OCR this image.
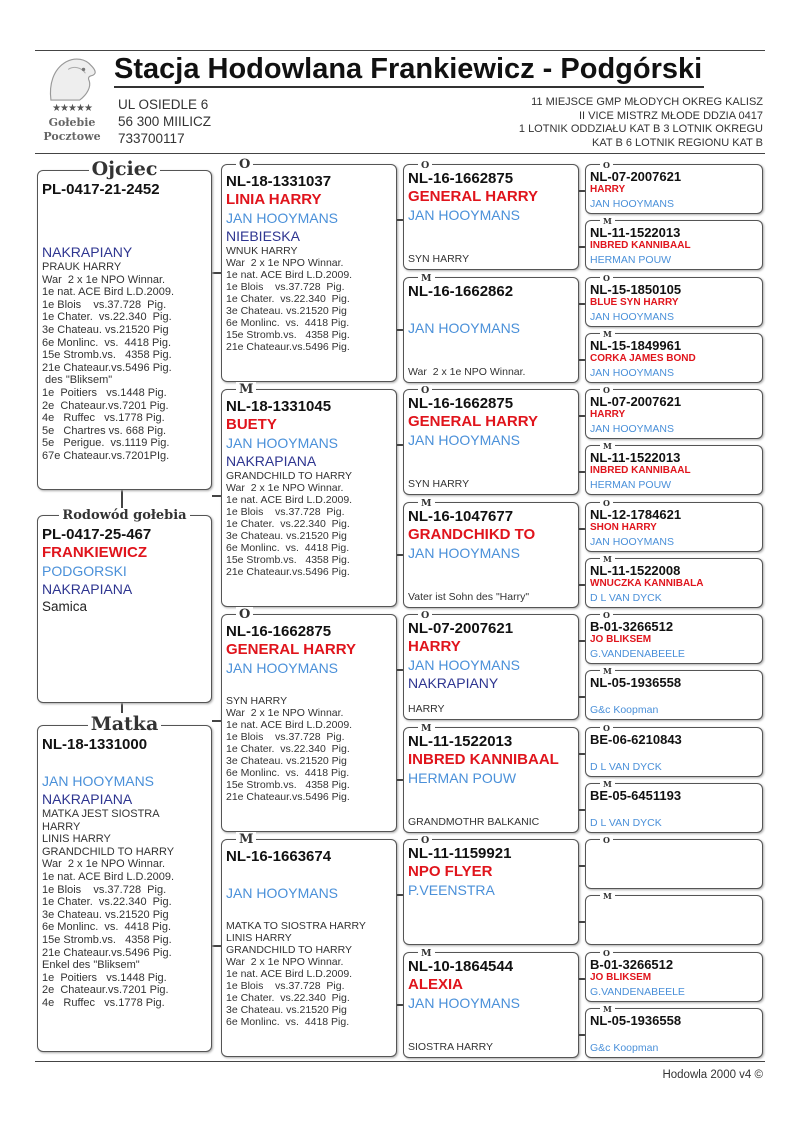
★★★★★
Gołebie
Pocztowe
Stacja Hodowlana Frankiewicz - Podgórski
UL OSIEDLE 6
56 300 MIILICZ
733700117
11 MIEJSCE GMP MŁODYCH OKREG KALISZ
II VICE MISTRZ MŁODE DDZIA 0417
1 LOTNIK ODDZIAŁU KAT B 3 LOTNIK OKREGU
KAT B 6 LOTNIK REGIONU KAT B
Ojciec
PL-0417-21-2452
NAKRAPIANY
PRAUK HARRY
War  2 x 1e NPO Winnar.
1e nat. ACE Bird L.D.2009.
1e Blois    vs.37.728  Pig.
1e Chater.  vs.22.340  Pig.
3e Chateau. vs.21520 Pig
6e Monlinc.  vs.  4418 Pig.
15e Stromb.vs.   4358 Pig.
21e Chateaur.vs.5496 Pig.
des "Bliksem"
1e  Poitiers   vs.1448 Pig.
2e  Chateaur.vs.7201 Pig.
4e   Ruffec   vs.1778 Pig.
5e   Chartres vs. 668 Pig.
5e   Perigue.  vs.1119 Pig.
67e Chateaur.vs.7201PIg.
Rodowód gołebia
PL-0417-25-467
FRANKIEWICZ
PODGORSKI
NAKRAPIANA
Samica
Matka
NL-18-1331000
JAN HOOYMANS
NAKRAPIANA
MATKA JEST SIOSTRA
HARRY
LINIS HARRY
GRANDCHILD TO HARRY
War  2 x 1e NPO Winnar.
1e nat. ACE Bird L.D.2009.
1e Blois    vs.37.728  Pig.
1e Chater.  vs.22.340  Pig.
3e Chateau. vs.21520 Pig
6e Monlinc.  vs.  4418 Pig.
15e Stromb.vs.   4358 Pig.
21e Chateaur.vs.5496 Pig.
Enkel des "Bliksem"
1e  Poitiers   vs.1448 Pig.
2e  Chateaur.vs.7201 Pig.
4e   Ruffec   vs.1778 Pig.
O
NL-18-1331037
LINIA HARRY
JAN HOOYMANS
NIEBIESKA
WNUK HARRY
War  2 x 1e NPO Winnar.
1e nat. ACE Bird L.D.2009.
1e Blois    vs.37.728  Pig.
1e Chater.  vs.22.340  Pig.
3e Chateau. vs.21520 Pig
6e Monlinc.  vs.  4418 Pig.
15e Stromb.vs.   4358 Pig.
21e Chateaur.vs.5496 Pig.
M
NL-18-1331045
BUETY
JAN HOOYMANS
NAKRAPIANA
GRANDCHILD TO HARRY
War  2 x 1e NPO Winnar.
1e nat. ACE Bird L.D.2009.
1e Blois    vs.37.728  Pig.
1e Chater.  vs.22.340  Pig.
3e Chateau. vs.21520 Pig
6e Monlinc.  vs.  4418 Pig.
15e Stromb.vs.   4358 Pig.
21e Chateaur.vs.5496 Pig.
O
NL-16-1662875
GENERAL HARRY
JAN HOOYMANS
SYN HARRY
War  2 x 1e NPO Winnar.
1e nat. ACE Bird L.D.2009.
1e Blois    vs.37.728  Pig.
1e Chater.  vs.22.340  Pig.
3e Chateau. vs.21520 Pig
6e Monlinc.  vs.  4418 Pig.
15e Stromb.vs.   4358 Pig.
21e Chateaur.vs.5496 Pig.
M
NL-16-1663674
JAN HOOYMANS
MATKA TO SIOSTRA HARRY
LINIS HARRY
GRANDCHILD TO HARRY
War  2 x 1e NPO Winnar.
1e nat. ACE Bird L.D.2009.
1e Blois    vs.37.728  Pig.
1e Chater.  vs.22.340  Pig.
3e Chateau. vs.21520 Pig
6e Monlinc.  vs.  4418 Pig.
O
NL-16-1662875
GENERAL HARRY
JAN HOOYMANS
SYN HARRY
M
NL-16-1662862
JAN HOOYMANS
War  2 x 1e NPO Winnar.
O
NL-16-1662875
GENERAL HARRY
JAN HOOYMANS
SYN HARRY
M
NL-16-1047677
GRANDCHIKD TO
JAN HOOYMANS
Vater ist Sohn des "Harry"
O
NL-07-2007621
HARRY
JAN HOOYMANS
NAKRAPIANY
HARRY
M
NL-11-1522013
INBRED KANNIBAAL
HERMAN POUW
GRANDMOTHR BALKANIC
O
NL-11-1159921
NPO FLYER
P.VEENSTRA
M
NL-10-1864544
ALEXIA
JAN HOOYMANS
SIOSTRA HARRY
O
NL-07-2007621
HARRY
JAN HOOYMANS
M
NL-11-1522013
INBRED KANNIBAAL
HERMAN POUW
O
NL-15-1850105
BLUE SYN HARRY
JAN HOOYMANS
M
NL-15-1849961
CORKA JAMES BOND
JAN HOOYMANS
O
NL-07-2007621
HARRY
JAN HOOYMANS
M
NL-11-1522013
INBRED KANNIBAAL
HERMAN POUW
O
NL-12-1784621
SHON HARRY
JAN HOOYMANS
M
NL-11-1522008
WNUCZKA KANNIBALA
D L VAN DYCK
O
B-01-3266512
JO BLIKSEM
G.VANDENABEELE
M
NL-05-1936558
G&c Koopman
O
BE-06-6210843
D L VAN DYCK
M
BE-05-6451193
D L VAN DYCK
O
M
O
B-01-3266512
JO BLIKSEM
G.VANDENABEELE
M
NL-05-1936558
G&c Koopman
Hodowla 2000 v4 ©
